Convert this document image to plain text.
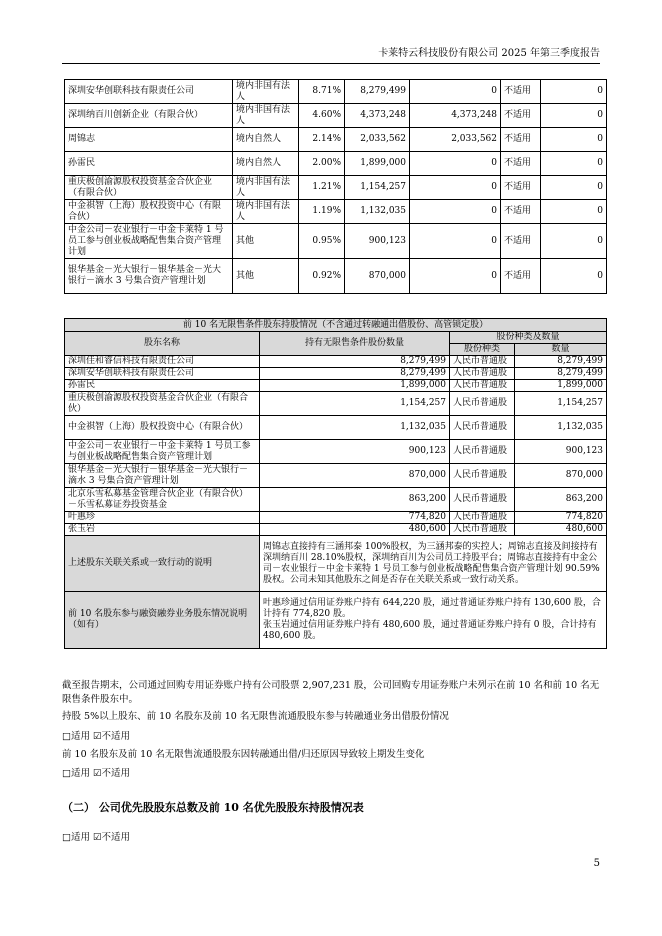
卡莱特云科技股份有限公司 2025 年第三季度报告
深圳安华创联科技有限责任公司	境内非国有法人	8.71%	8,279,499	0	不适用	0
深圳纳百川创新企业（有限合伙）	境内非国有法人	4.60%	4,373,248	4,373,248	不适用	0
周锦志	境内自然人	2.14%	2,033,562	2,033,562	不适用	0
孙雷民	境内自然人	2.00%	1,899,000	0	不适用	0
重庆极创渝源股权投资基金合伙企业（有限合伙）	境内非国有法人	1.21%	1,154,257	0	不适用	0
中金祺智（上海）股权投资中心（有限合伙）	境内非国有法人	1.19%	1,132,035	0	不适用	0
中金公司－农业银行－中金卡莱特 1 号员工参与创业板战略配售集合资产管理计划	其他	0.95%	900,123	0	不适用	0
银华基金－光大银行－银华基金－光大银行－滴水 3 号集合资产管理计划	其他	0.92%	870,000	0	不适用	0
前 10 名无限售条件股东持股情况（不含通过转融通出借股份、高管锁定股）			
股东名称	持有无限售条件股份数量	股份种类及数量	
		股份种类	数量
深圳佳和睿信科技有限责任公司	8,279,499	人民币普通股	8,279,499
深圳安华创联科技有限责任公司	8,279,499	人民币普通股	8,279,499
孙雷民	1,899,000	人民币普通股	1,899,000
重庆极创渝源股权投资基金合伙企业（有限合伙）	1,154,257	人民币普通股	1,154,257
中金祺智（上海）股权投资中心（有限合伙）	1,132,035	人民币普通股	1,132,035
中金公司－农业银行－中金卡莱特 1 号员工参与创业板战略配售集合资产管理计划	900,123	人民币普通股	900,123
银华基金－光大银行－银华基金－光大银行－滴水 3 号集合资产管理计划	870,000	人民币普通股	870,000
北京乐雪私募基金管理合伙企业（有限合伙）－乐雪私募证券投资基金	863,200	人民币普通股	863,200
叶惠珍	774,820	人民币普通股	774,820
张玉岩	480,600	人民币普通股	480,600
上述股东关联关系或一致行动的说明	周锦志直接持有三涵邦泰 100%股权，为三涵邦泰的实控人；周锦志直接及间接持有深圳纳百川 28.10%股权，深圳纳百川为公司员工持股平台；周锦志直接持有中金公司－农业银行－中金卡莱特 1 号员工参与创业板战略配售集合资产管理计划 90.59%股权。公司未知其他股东之间是否存在关联关系或一致行动关系。		
前 10 名股东参与融资融券业务股东情况说明（如有）	叶惠珍通过信用证券账户持有 644,220 股，通过普通证券账户持有 130,600 股，合计持有 774,820 股。
张玉岩通过信用证券账户持有 480,600 股，通过普通证券账户持有 0 股，合计持有 480,600 股。		
截至报告期末，公司通过回购专用证券账户持有公司股票 2,907,231 股，公司回购专用证券账户未列示在前 10 名和前 10 名无限售条件股东中。
持股 5%以上股东、前 10 名股东及前 10 名无限售流通股股东参与转融通业务出借股份情况
□适用 ☑不适用
前 10 名股东及前 10 名无限售流通股股东因转融通出借/归还原因导致较上期发生变化
□适用 ☑不适用
（二） 公司优先股股东总数及前 10 名优先股股东持股情况表
□适用 ☑不适用
5
